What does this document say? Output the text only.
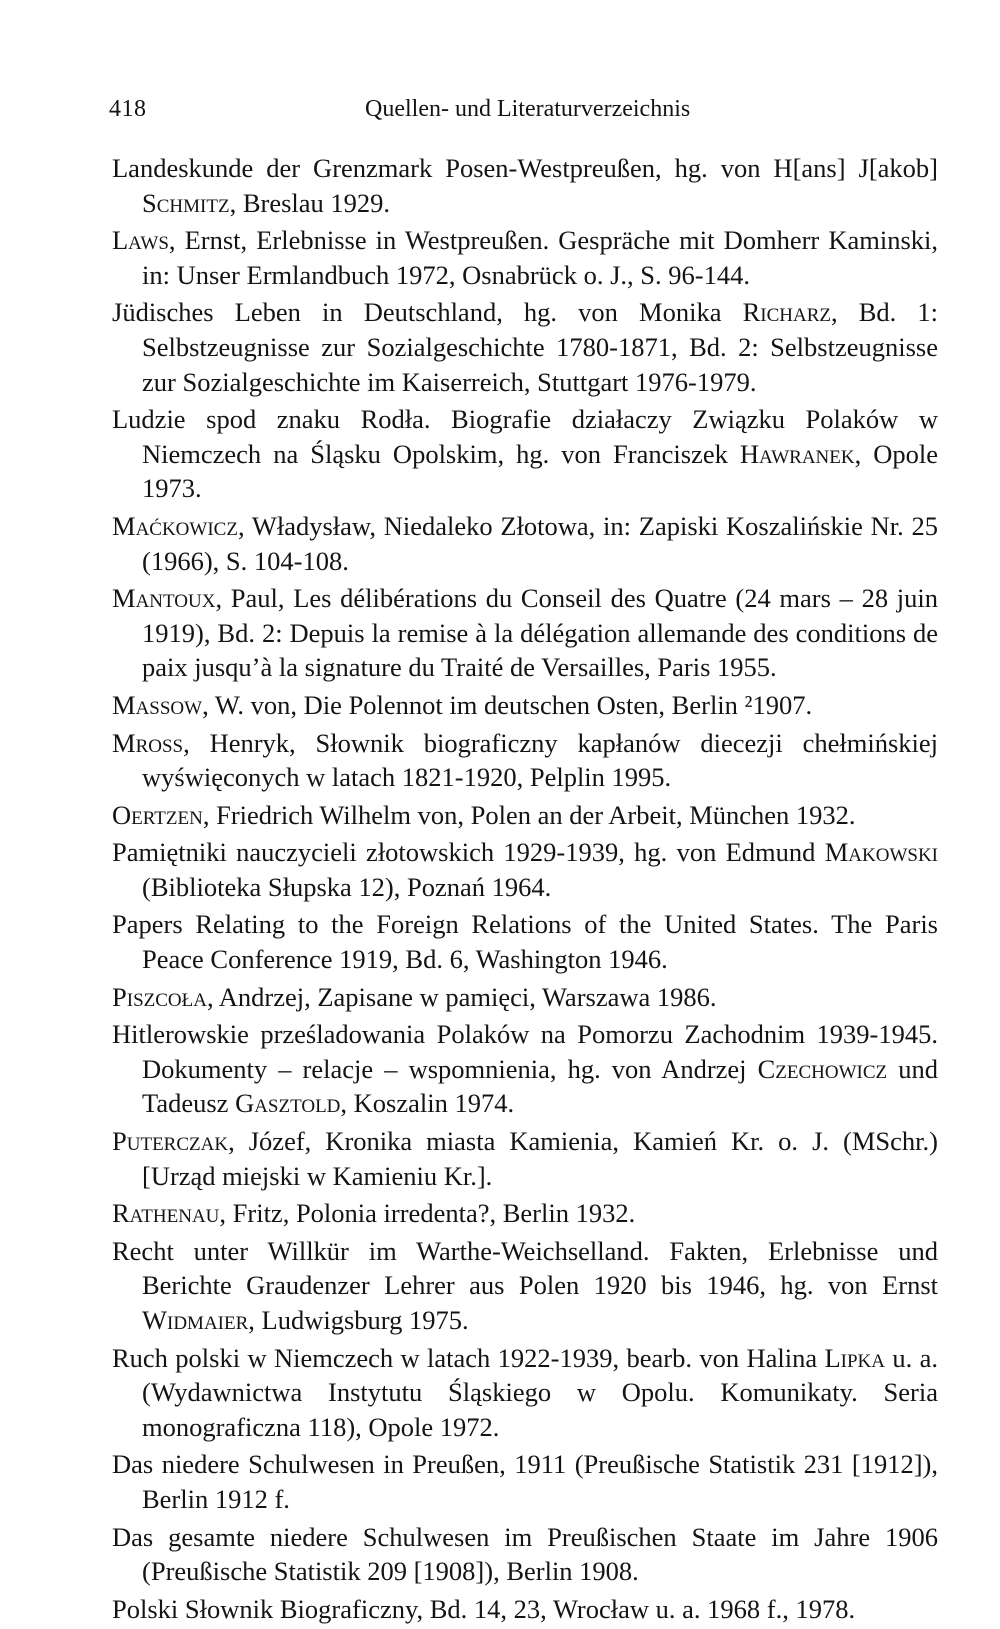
418	Quellen- und Literaturverzeichnis
Landeskunde der Grenzmark Posen-Westpreußen, hg. von H[ans] J[akob] Schmitz, Breslau 1929.
Laws, Ernst, Erlebnisse in Westpreußen. Gespräche mit Domherr Kaminski, in: Unser Ermlandbuch 1972, Osnabrück o. J., S. 96-144.
Jüdisches Leben in Deutschland, hg. von Monika Richarz, Bd. 1: Selbstzeugnisse zur Sozialgeschichte 1780-1871, Bd. 2: Selbstzeugnisse zur Sozialgeschichte im Kaiserreich, Stuttgart 1976-1979.
Ludzie spod znaku Rodła. Biografie działaczy Związku Polaków w Niemczech na Śląsku Opolskim, hg. von Franciszek Hawranek, Opole 1973.
Maćkowicz, Władysław, Niedaleko Złotowa, in: Zapiski Koszalińskie Nr. 25 (1966), S. 104-108.
Mantoux, Paul, Les délibérations du Conseil des Quatre (24 mars – 28 juin 1919), Bd. 2: Depuis la remise à la délégation allemande des conditions de paix jusqu’à la signature du Traité de Versailles, Paris 1955.
Massow, W. von, Die Polennot im deutschen Osten, Berlin ²1907.
Mross, Henryk, Słownik biograficzny kapłanów diecezji chełmińskiej wyświęconych w latach 1821-1920, Pelplin 1995.
Oertzen, Friedrich Wilhelm von, Polen an der Arbeit, München 1932.
Pamiętniki nauczycieli złotowskich 1929-1939, hg. von Edmund Makowski (Biblioteka Słupska 12), Poznań 1964.
Papers Relating to the Foreign Relations of the United States. The Paris Peace Conference 1919, Bd. 6, Washington 1946.
Piszcoła, Andrzej, Zapisane w pamięci, Warszawa 1986.
Hitlerowskie prześladowania Polaków na Pomorzu Zachodnim 1939-1945. Dokumenty – relacje – wspomnienia, hg. von Andrzej Czechowicz und Tadeusz Gasztold, Koszalin 1974.
Puterczak, Józef, Kronika miasta Kamienia, Kamień Kr. o. J. (MSchr.) [Urząd miejski w Kamieniu Kr.].
Rathenau, Fritz, Polonia irredenta?, Berlin 1932.
Recht unter Willkür im Warthe-Weichselland. Fakten, Erlebnisse und Berichte Graudenzer Lehrer aus Polen 1920 bis 1946, hg. von Ernst Widmaier, Ludwigsburg 1975.
Ruch polski w Niemczech w latach 1922-1939, bearb. von Halina Lipka u. a. (Wydawnictwa Instytutu Śląskiego w Opolu. Komunikaty. Seria monograficzna 118), Opole 1972.
Das niedere Schulwesen in Preußen, 1911 (Preußische Statistik 231 [1912]), Berlin 1912 f.
Das gesamte niedere Schulwesen im Preußischen Staate im Jahre 1906 (Preußische Statistik 209 [1908]), Berlin 1908.
Polski Słownik Biograficzny, Bd. 14, 23, Wrocław u. a. 1968 f., 1978.
